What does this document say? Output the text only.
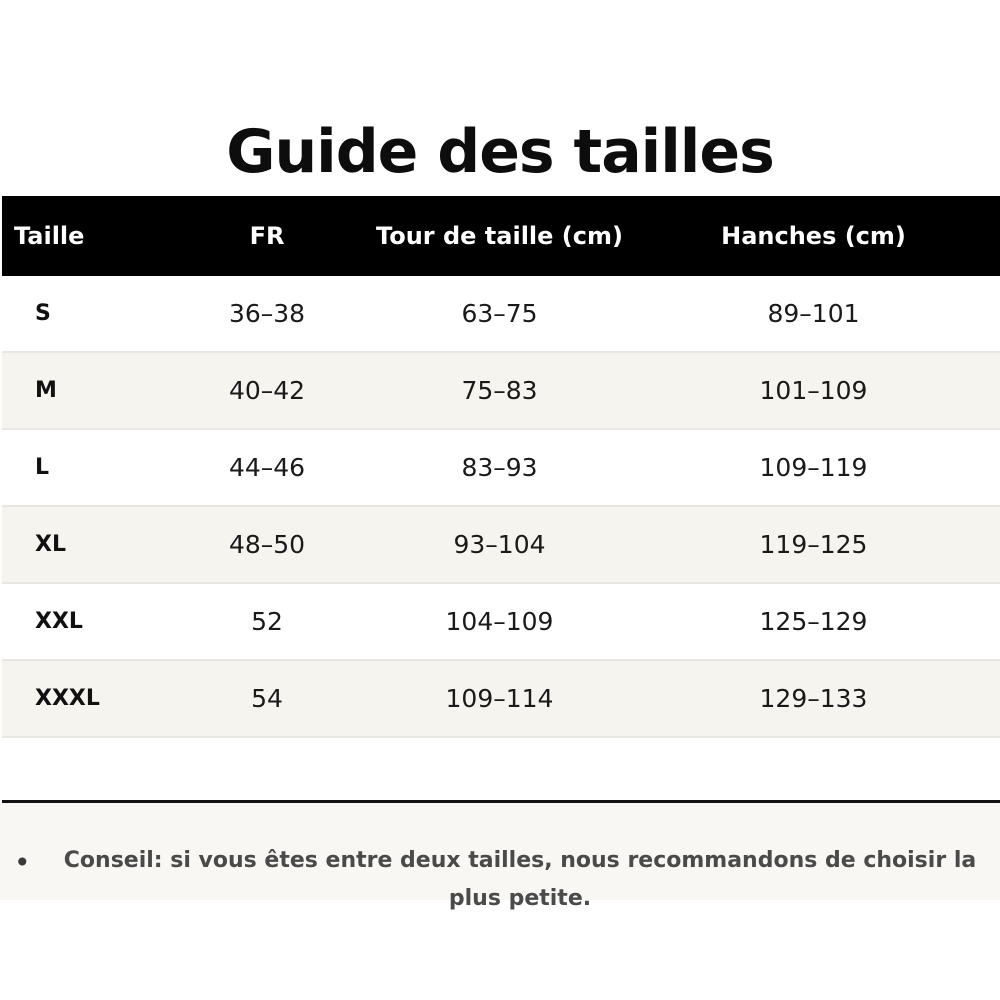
Guide des tailles
Taille	FR	Tour de taille (cm)	Hanches (cm)
S	36–38	63–75	89–101
M	40–42	75–83	101–109
L	44–46	83–93	109–119
XL	48–50	93–104	119–125
XXL	52	104–109	125–129
XXXL	54	109–114	129–133
• Conseil: si vous êtes entre deux tailles, nous recommandons de choisir la plus petite.
